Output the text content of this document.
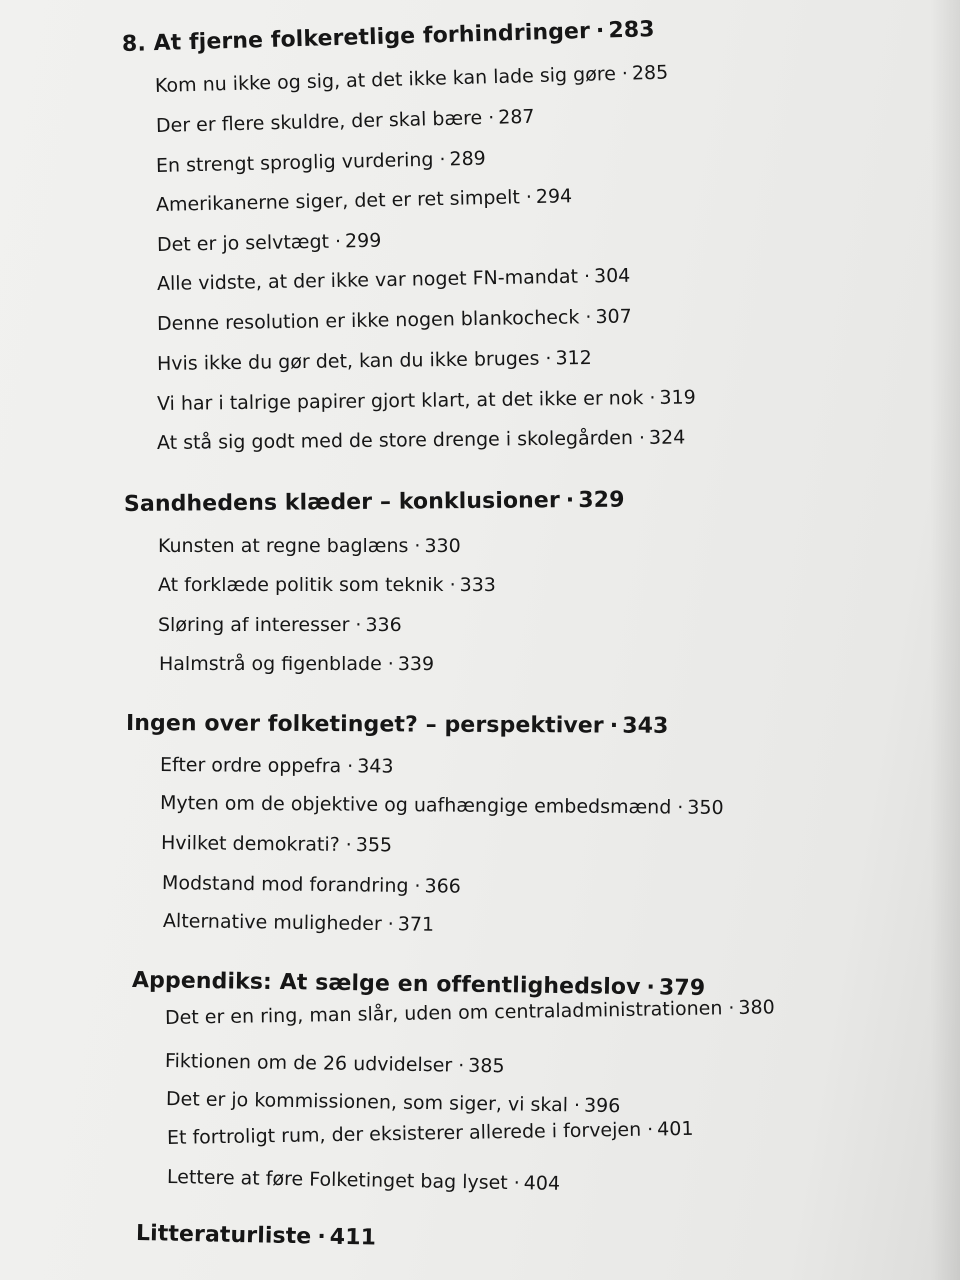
8. At fjerne folkeretlige forhindringer · 283
Kom nu ikke og sig, at det ikke kan lade sig gøre · 285
Der er flere skuldre, der skal bære · 287
En strengt sproglig vurdering · 289
Amerikanerne siger, det er ret simpelt · 294
Det er jo selvtægt · 299
Alle vidste, at der ikke var noget FN-mandat · 304
Denne resolution er ikke nogen blankocheck · 307
Hvis ikke du gør det, kan du ikke bruges · 312
Vi har i talrige papirer gjort klart, at det ikke er nok · 319
At stå sig godt med de store drenge i skolegården · 324
Sandhedens klæder – konklusioner · 329
Kunsten at regne baglæns · 330
At forklæde politik som teknik · 333
Sløring af interesser · 336
Halmstrå og figenblade · 339
Ingen over folketinget? – perspektiver · 343
Efter ordre oppefra · 343
Myten om de objektive og uafhængige embedsmænd · 350
Hvilket demokrati? · 355
Modstand mod forandring · 366
Alternative muligheder · 371
Appendiks: At sælge en offentlighedslov · 379
Det er en ring, man slår, uden om centraladministrationen · 380
Fiktionen om de 26 udvidelser · 385
Det er jo kommissionen, som siger, vi skal · 396
Et fortroligt rum, der eksisterer allerede i forvejen · 401
Lettere at føre Folketinget bag lyset · 404
Litteraturliste · 411
